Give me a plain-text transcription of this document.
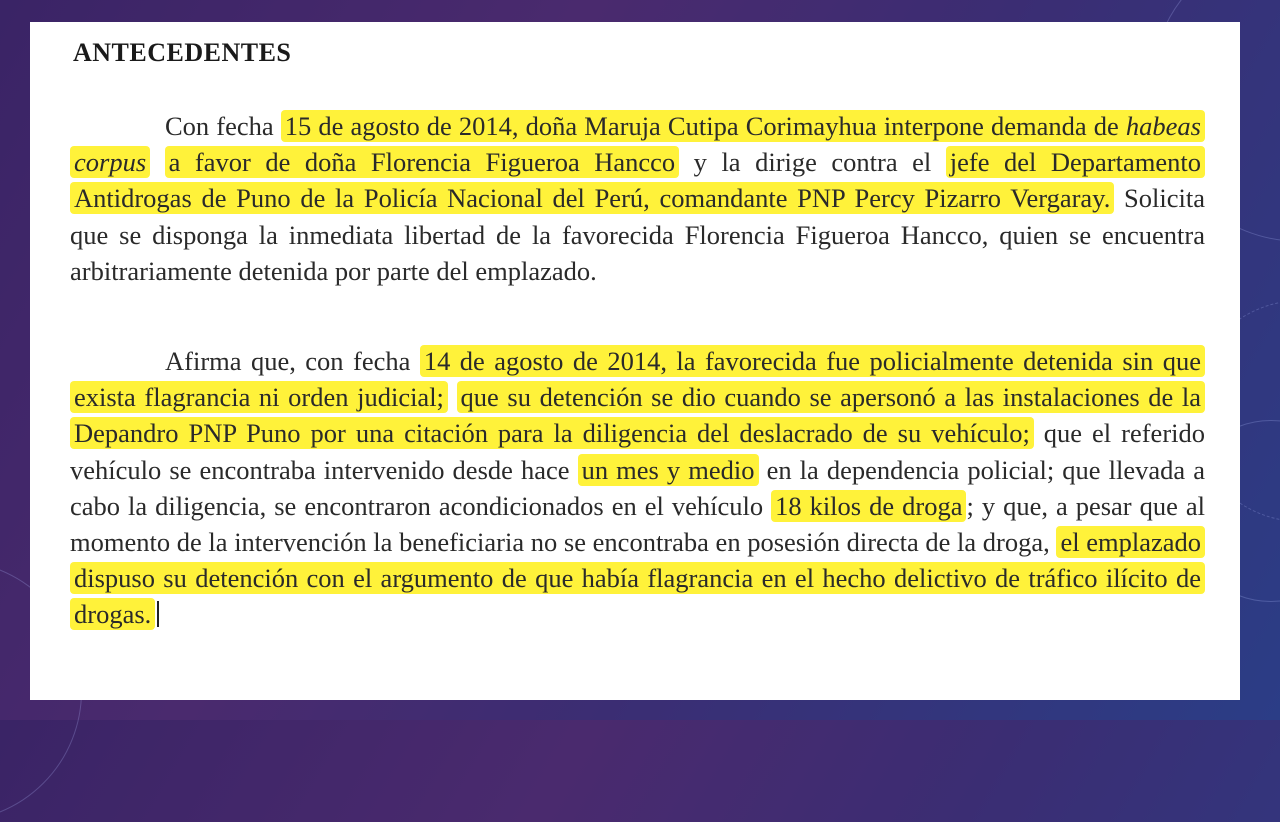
ANTECEDENTES

Con fecha 15 de agosto de 2014, doña Maruja Cutipa Corimayhua interpone demanda de habeas corpus a favor de doña Florencia Figueroa Hancco y la dirige contra el jefe del Departamento Antidrogas de Puno de la Policía Nacional del Perú, comandante PNP Percy Pizarro Vergaray. Solicita que se disponga la inmediata libertad de la favorecida Florencia Figueroa Hancco, quien se encuentra arbitrariamente detenida por parte del emplazado.

Afirma que, con fecha 14 de agosto de 2014, la favorecida fue policialmente detenida sin que exista flagrancia ni orden judicial; que su detención se dio cuando se apersonó a las instalaciones de la Depandro PNP Puno por una citación para la diligencia del deslacrado de su vehículo; que el referido vehículo se encontraba intervenido desde hace un mes y medio en la dependencia policial; que llevada a cabo la diligencia, se encontraron acondicionados en el vehículo 18 kilos de droga ; y que, a pesar que al momento de la intervención la beneficiaria no se encontraba en posesión directa de la droga, el emplazado dispuso su detención con el argumento de que había flagrancia en el hecho delictivo de tráfico ilícito de drogas.
